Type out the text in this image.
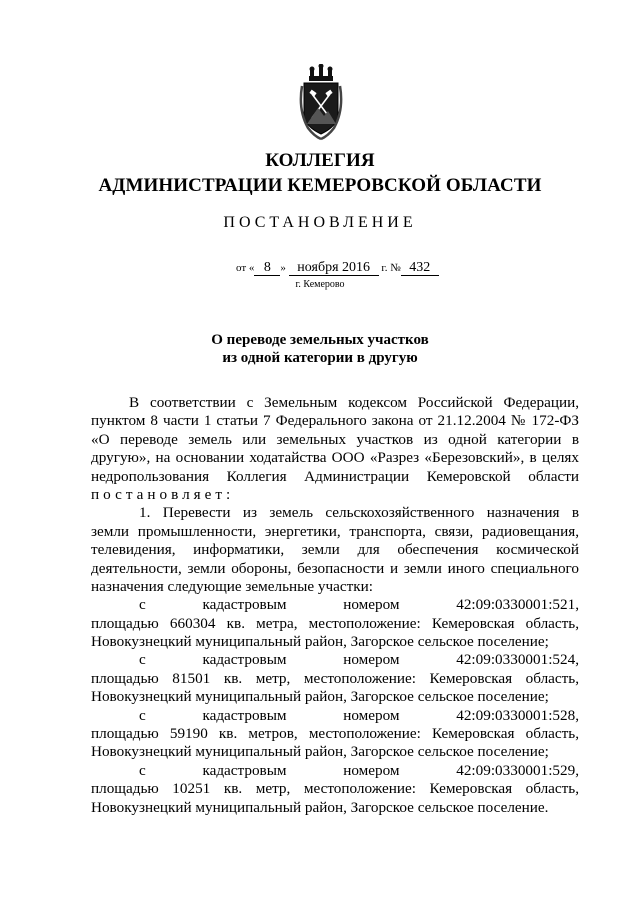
КОЛЛЕГИЯ
АДМИНИСТРАЦИИ КЕМЕРОВСКОЙ ОБЛАСТИ
ПОСТАНОВЛЕНИЕ
от « 8 » ноября 2016 г. № 432
г. Кемерово
О переводе земельных участков
из одной категории в другую
В соответствии с Земельным кодексом Российской Федерации,
пунктом 8 части 1 статьи 7 Федерального закона от 21.12.2004 № 172-ФЗ
«О переводе земель или земельных участков из одной категории в
другую», на основании ходатайства ООО «Разрез «Березовский», в целях
недропользования Коллегия Администрации Кемеровской области
постановляет:
1. Перевести из земель сельскохозяйственного назначения в
земли промышленности, энергетики, транспорта, связи, радиовещания,
телевидения, информатики, земли для обеспечения космической
деятельности, земли обороны, безопасности и земли иного специального
назначения следующие земельные участки:
с кадастровым номером 42:09:0330001:521,
площадью 660304 кв. метра, местоположение: Кемеровская область,
Новокузнецкий муниципальный район, Загорское сельское поселение;
с кадастровым номером 42:09:0330001:524,
площадью 81501 кв. метр, местоположение: Кемеровская область,
Новокузнецкий муниципальный район, Загорское сельское поселение;
с кадастровым номером 42:09:0330001:528,
площадью 59190 кв. метров, местоположение: Кемеровская область,
Новокузнецкий муниципальный район, Загорское сельское поселение;
с кадастровым номером 42:09:0330001:529,
площадью 10251 кв. метр, местоположение: Кемеровская область,
Новокузнецкий муниципальный район, Загорское сельское поселение.
